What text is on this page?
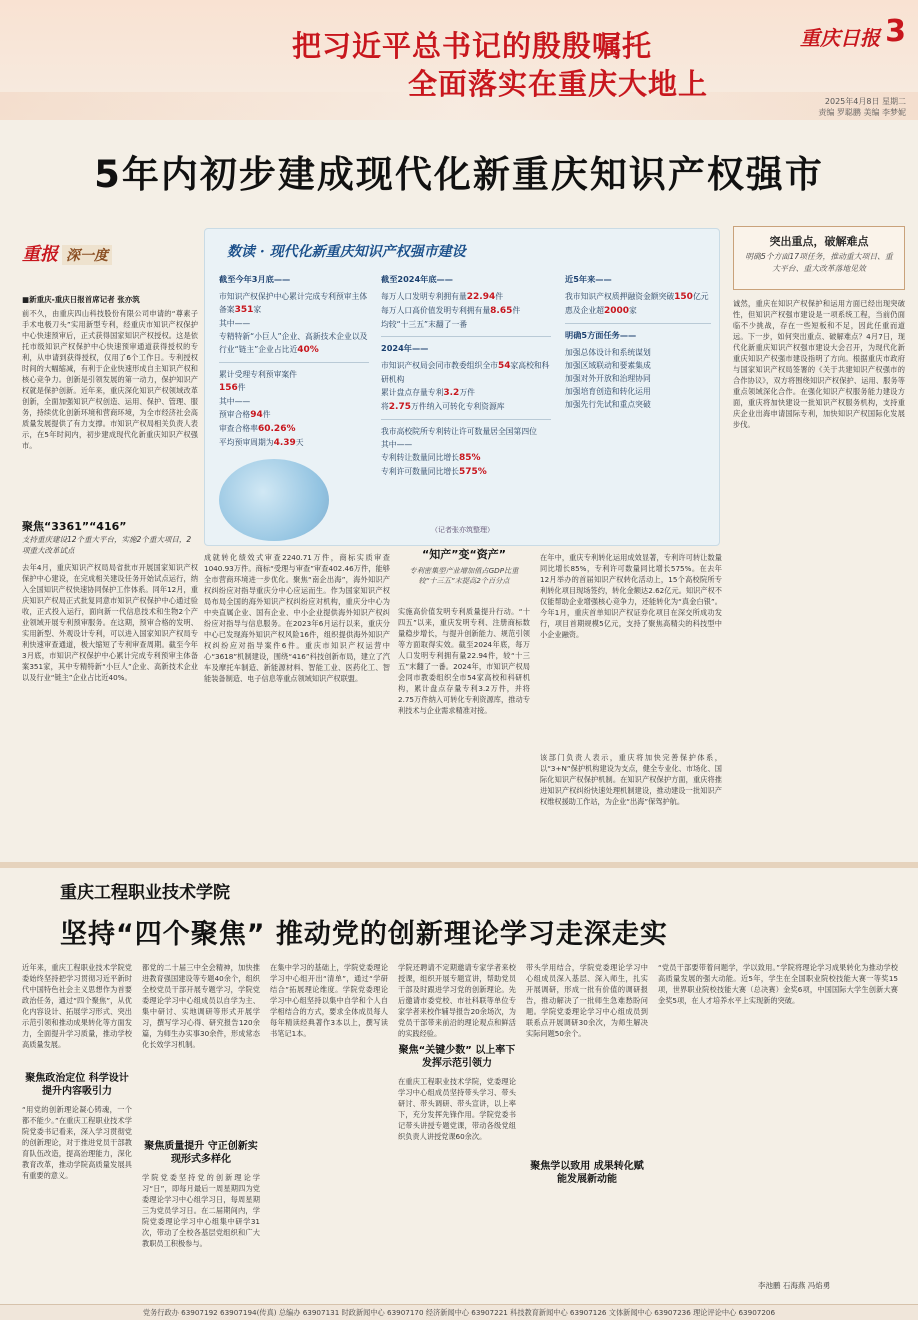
把习近平总书记的殷殷嘱托
全面落实在重庆大地上
重庆日报 3
2025年4月8日 星期二
责编 罗聪鹏 美编 李梦妮
5年内初步建成现代化新重庆知识产权强市
重报 深一度
■新重庆-重庆日报首席记者 张亦筑
前不久，由重庆四山科技股份有限公司申请的“尊素子手术电极刀头”实用新型专利，经重庆市知识产权保护中心快速预审后，正式获得国家知识产权授权。这是依托市级知识产权保护中心快速预审通道获得授权的专利，从申请到获得授权，仅用了6个工作日。专利授权时间的大幅缩减，有利于企业快速形成自主知识产权和核心竞争力。创新是引领发展的第一动力，保护知识产权就是保护创新。近年来，重庆深化知识产权领域改革创新，全面加强知识产权创造、运用、保护、管理、服务，持续优化创新环境和营商环境，为全市经济社会高质量发展提供了有力支撑。市知识产权局相关负责人表示，在5年时间内，初步建成现代化新重庆知识产权强市。
聚焦“3361”“416”
支持重庆建设12个重大平台，实施2个重大项目，2项重大改革试点
去年4月，重庆知识产权局局省批市开展国家知识产权保护中心建设，在完成相关建设任务开始试点运行，纳入全国知识产权快速协同保护工作体系。同年12月，重庆知识产权局正式批复同意市知识产权保护中心通过验收，正式投入运行，面向新一代信息技术和生物2个产业领域开展专利预审服务。在这期，预审合格的发明、实用新型、外观设计专利，可以进入国家知识产权局专利快速审查通道，极大缩短了专利审查周期。截至今年3月底，市知识产权保护中心累计完成专利预审主体备案351家，其中专精特新“小巨人”企业、高新技术企业以及行业“链主”企业占比近40%。
数读 · 现代化新重庆知识产权强市建设
截至今年3月底——
市知识产权保护中心累计完成专利预审主体备案351家
其中——
专精特新“小巨人”企业、高新技术企业以及行业“链主”企业占比近40%
累计受理专利预审案件
156件
其中——
预审合格94件
审查合格率60.26%
平均预审周期为4.39天
截至2024年底——
每万人口发明专利拥有量22.94件
每万人口高价值发明专利拥有量8.65件
均较“十三五”末翻了一番
2024年——
市知识产权局会同市教委组织全市54家高校和科研机构
累计盘点存量专利3.2万件
将2.75万件纳入可转化专利资源库
我市高校院所专利转让许可数量居全国第四位
其中——
专利转让数量同比增长85%
专利许可数量同比增长575%
近5年来——
我市知识产权质押融资金额突破150亿元
惠及企业超2000家
明确5方面任务——
加强总体设计和系统谋划
加强区域联动和要素集成
加强对外开放和治理协同
加强培育创造和转化运用
加强先行先试和重点突破
（记者张亦筑整理）
突出重点，破解难点
明确5个方面17项任务，推动重大项目、重大平台、重大改革落地见效
诚然，重庆在知识产权保护和运用方面已经出现突破性，但知识产权强市建设是一项系统工程，当前仍面临不少挑战，存在一些短板和不足，因此任重而道远。下一步，如何突出重点、破解难点？4月7日，现代化新重庆知识产权强市建设大会召开，为现代化新重庆知识产权强市建设指明了方向。根据重庆市政府与国家知识产权局签署的《关于共建知识产权强市的合作协议》，双方将围绕知识产权保护、运用、服务等重点领域深化合作。在强化知识产权服务能力建设方面，重庆将加快建设一批知识产权服务机构，支持重庆企业出海申请国际专利，加快知识产权国际化发展步伐。
成就转化绩效式审查2240.71万件，商标实质审查1040.93万件。商标“受理与审查”审查402.46万件，能够全市营商环境进一步优化。聚焦“南企出海”，海外知识产权纠纷应对指导重庆分中心应运而生。作为国家知识产权局布局全国的海外知识产权纠纷应对机构，重庆分中心为中央直属企业、国有企业、中小企业提供海外知识产权纠纷应对指导与信息服务。在2023年6月运行以来，重庆分中心已发现海外知识产权风险16件，组织提供海外知识产权纠纷应对指导案件6件。重庆市知识产权运营中心“3618”机制建设，围绕“416”科技创新布局，建立了汽车及摩托车制造、新能源材料、智能工业、医药化工、智能装备制造、电子信息等重点领域知识产权联盟。
“知产”变“资产”
专利密集型产业增加值占GDP比重较“十三五”末提高2个百分点
实施高价值发明专利质量提升行动。“十四五”以来，重庆发明专利、注册商标数量稳步增长，与提升创新能力、规范引领等方面取得实效。截至2024年底，每万人口发明专利拥有量22.94件，较“十三五”末翻了一番。2024年，市知识产权局会同市教委组织全市54家高校和科研机构，累计盘点存量专利3.2万件，并将2.75万件纳入可转化专利资源库，推动专利技术与企业需求精准对接。
在年中，重庆专利转化运用成效显著，专利许可转让数量同比增长85%，专利许可数量同比增长575%。在去年12月举办的首届知识产权转化活动上，15个高校院所专利转化项目现场签约，转化金额达2.62亿元。知识产权不仅能帮助企业增强核心竞争力，还能转化为“真金白银”。今年1月，重庆首单知识产权证券化项目在深交所成功发行，项目首期规模5亿元，支持了聚焦高精尖的科技型中小企业融资。
该部门负责人表示，重庆将加快完善保护体系，以“3+N”保护机构建设为支点，健全专业化、市场化、国际化知识产权保护机制。在知识产权保护方面，重庆将推进知识产权纠纷快速处理机制建设，推动建设一批知识产权维权援助工作站，为企业“出海”保驾护航。
重庆工程职业技术学院
坚持“四个聚焦” 推动党的创新理论学习走深走实
近年来，重庆工程职业技术学院党委始终坚持把学习贯彻习近平新时代中国特色社会主义思想作为首要政治任务，通过“四个聚焦”，从优化内容设计、拓展学习形式、突出示范引领和推动成果转化等方面发力，全面提升学习质量，推动学校高质量发展。
聚焦政治定位 科学设计提升内容吸引力
“用党的创新理论凝心铸魂，一个都不能少。”在重庆工程职业技术学院党委书记看来，深入学习贯彻党的创新理论，对于推进党员干部教育队伍改造，提高治理能力，深化教育改革，推动学院高质量发展具有重要的意义。
都党的二十届三中全会精神，加快推进教育强国建设等专题40余个，组织全校党员干部开展专题学习，学院党委理论学习中心组成员以自学为主、集中研讨、实地调研等形式开展学习，撰写学习心得、研究报告120余篇，为师生办实事30余件，形成常态化长效学习机制。
聚焦质量提升 守正创新实现形式多样化
学院党委坚持党的创新理论学习“日”，即每月最后一周星期四为党委理论学习中心组学习日，每周星期三为党员学习日。在二届期间内，学院党委理论学习中心组集中研学31次，带动了全校各基层党组织和广大教职员工积极参与。
在集中学习的基础上，学院党委理论学习中心组开出“清单”，通过“学研结合”拓展理论维度。学院党委理论学习中心组坚持以集中自学和个人自学相结合的方式，要求全体成员每人每年精读经典著作3本以上，撰写读书笔记1本。
学院还聘请不定期邀请专家学者来校授课，组织开展专题宣讲，帮助党员干部及时跟进学习党的创新理论。先后邀请市委党校、市社科联等单位专家学者来校作辅导报告20余场次，为党员干部带来前沿的理论观点和鲜活的实践经验。
聚焦“关键少数” 以上率下发挥示范引领力
在重庆工程职业技术学院，党委理论学习中心组成员坚持带头学习、带头研讨、带头调研、带头宣讲，以上率下，充分发挥先锋作用。学院党委书记带头讲授专题党课，带动各级党组织负责人讲授党课60余次。
带头学用结合，学院党委理论学习中心组成员深入基层、深入师生，扎实开展调研，形成一批有价值的调研报告，推动解决了一批师生急难愁盼问题。学院党委理论学习中心组成员到联系点开展调研30余次，为师生解决实际问题50余个。
聚焦学以致用 成果转化赋能发展新动能
“党员干部要带着问题学，学以致用。”学院将理论学习成果转化为推动学校高质量发展的强大动能。近5年，学生在全国职业院校技能大赛一等奖15项，世界职业院校技能大赛（总决赛）金奖6项，中国国际大学生创新大赛金奖5项，在人才培养水平上实现新的突破。
李池鹏 石海燕 冯焰勇
党务行政办 63907192 63907194(传真) 总编办 63907131 时政新闻中心 63907170 经济新闻中心 63907221 科技教育新闻中心 63907126 文体新闻中心 63907236 理论评论中心 63907206
